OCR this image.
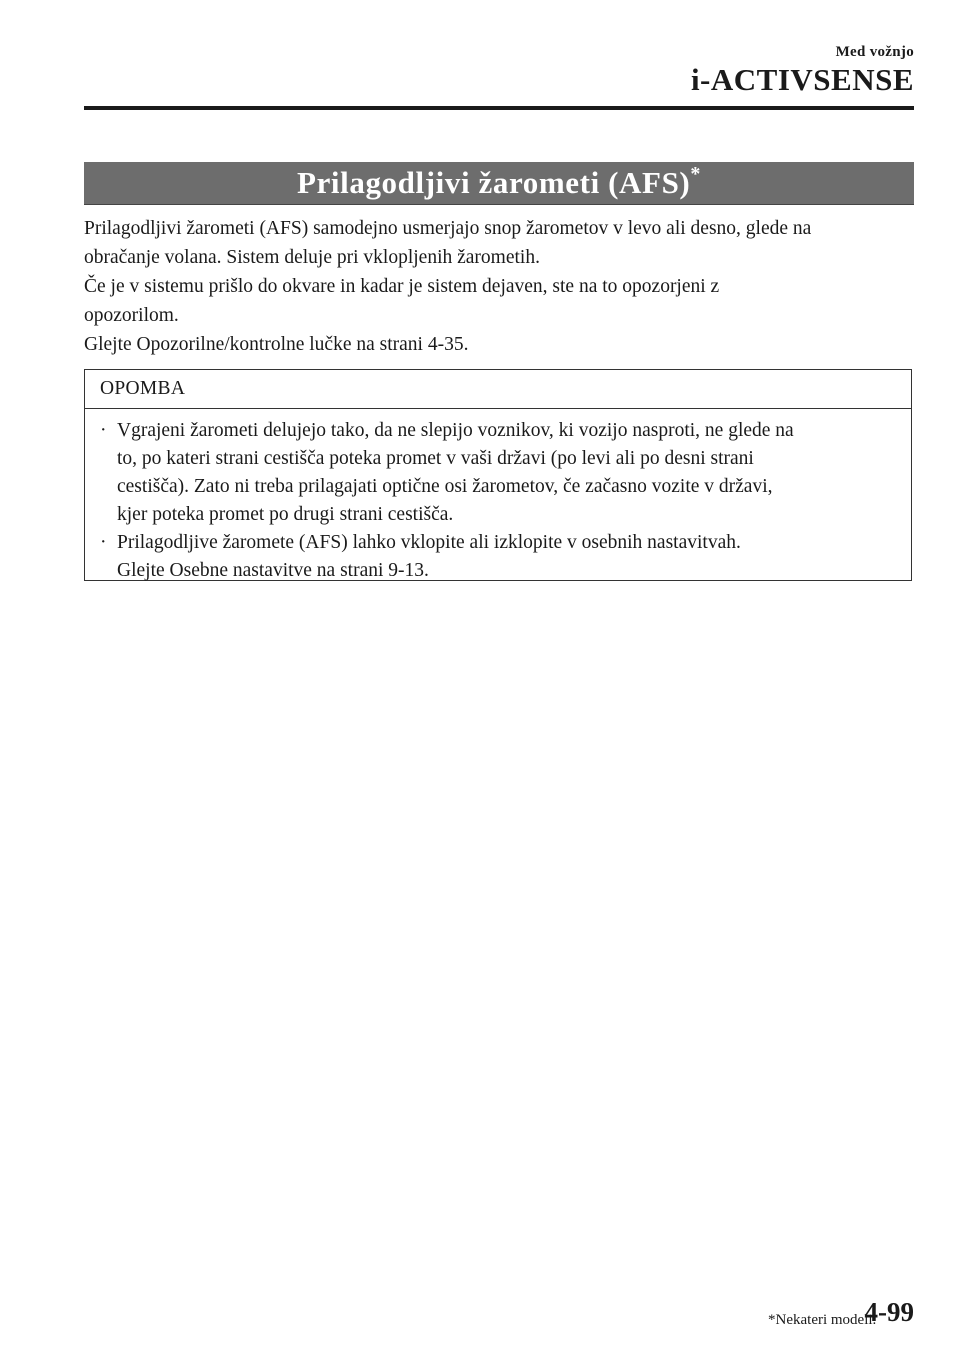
Med vožnjo
i-ACTIVSENSE
Prilagodljivi žarometi (AFS)*

Prilagodljivi žarometi (AFS) samodejno usmerjajo snop žarometov v levo ali desno, glede na

obračanje volana. Sistem deluje pri vklopljenih žarometih.

Če je v sistemu prišlo do okvare in kadar je sistem dejaven, ste na to opozorjeni z

opozorilom.

Glejte Opozorilne/kontrolne lučke na strani 4-35.

OPOMBA
· Vgrajeni žarometi delujejo tako, da ne slepijo voznikov, ki vozijo nasproti, ne glede na
to, po kateri strani cestišča poteka promet v vaši državi (po levi ali po desni strani
cestišča). Zato ni treba prilagajati optične osi žarometov, če začasno vozite v državi,
kjer poteka promet po drugi strani cestišča.
· Prilagodljive žaromete (AFS) lahko vklopite ali izklopite v osebnih nastavitvah.
Glejte Osebne nastavitve na strani 9-13.
*Nekateri modeli.
4-99
